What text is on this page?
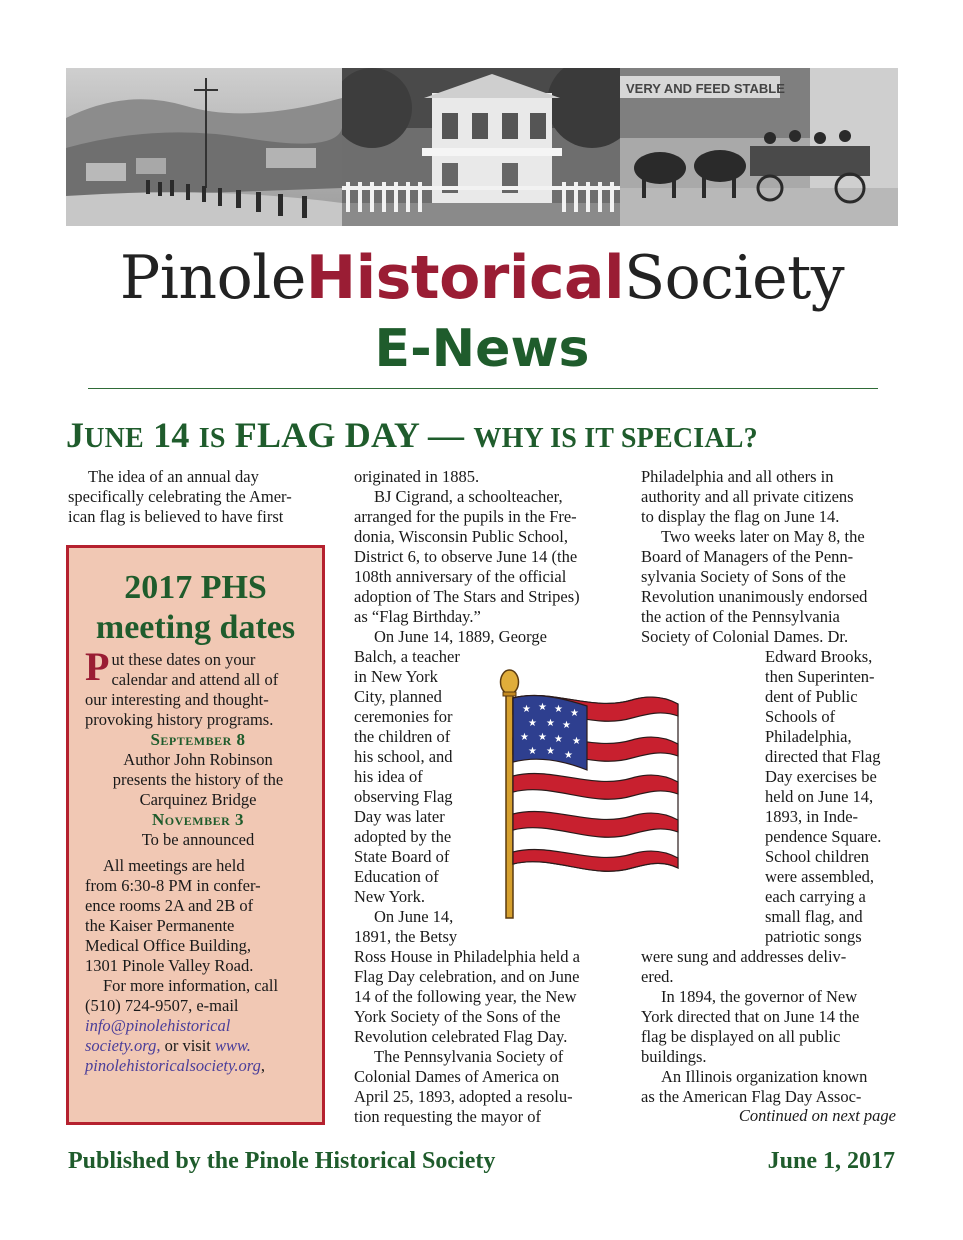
VERY AND FEED STABLE
PinoleHistoricalSociety
E-News
JUNE 14 IS FLAG DAY — WHY IS IT SPECIAL?

The idea of an annual day

specifically celebrating the Amer-

ican flag is believed to have first

2017 PHS
meeting dates

Put these dates on your

calendar and attend all of

our interesting and thought-

provoking history programs.

September 8

Author John Robinson

presents the history of the

Carquinez Bridge

November 3

To be announced

All meetings are held

from 6:30-8 PM in confer-

ence rooms 2A and 2B of

the Kaiser Permanente

Medical Office Building,

1301 Pinole Valley Road.

For more information, call

(510) 724-9507, e-mail

info@pinolehistorical

society.org, or visit www.

pinolehistoricalsociety.org,

originated in 1885.

BJ Cigrand, a schoolteacher,

arranged for the pupils in the Fre-

donia, Wisconsin Public School,

District 6, to observe June 14 (the

108th anniversary of the official

adoption of The Stars and Stripes)

as “Flag Birthday.”

On June 14, 1889, George

Balch, a teacher

in New York

City, planned

ceremonies for

the children of

his school, and

his idea of

observing Flag

Day was later

adopted by the

State Board of

Education of

New York.

On June 14,

1891, the Betsy

Ross House in Philadelphia held a

Flag Day celebration, and on June

14 of the following year, the New

York Society of the Sons of the

Revolution celebrated Flag Day.

The Pennsylvania Society of

Colonial Dames of America on

April 25, 1893, adopted a resolu-

tion requesting the mayor of

Philadelphia and all others in

authority and all private citizens

to display the flag on June 14.

Two weeks later on May 8, the

Board of Managers of the Penn-

sylvania Society of Sons of the

Revolution unanimously endorsed

the action of the Pennsylvania

Society of Colonial Dames. Dr.

Edward Brooks,

then Superinten-

dent of Public

Schools of

Philadelphia,

directed that Flag

Day exercises be

held on June 14,

1893, in Inde-

pendence Square.

School children

were assembled,

each carrying a

small flag, and

patriotic songs

were sung and addresses deliv-

ered.

In 1894, the governor of New

York directed that on June 14 the

flag be displayed on all public

buildings.

An Illinois organization known

as the American Flag Day Assoc-

Continued on next page
★ ★ ★ ★
★ ★ ★
★ ★ ★ ★
★ ★ ★
Published by the Pinole Historical Society	June 1, 2017
